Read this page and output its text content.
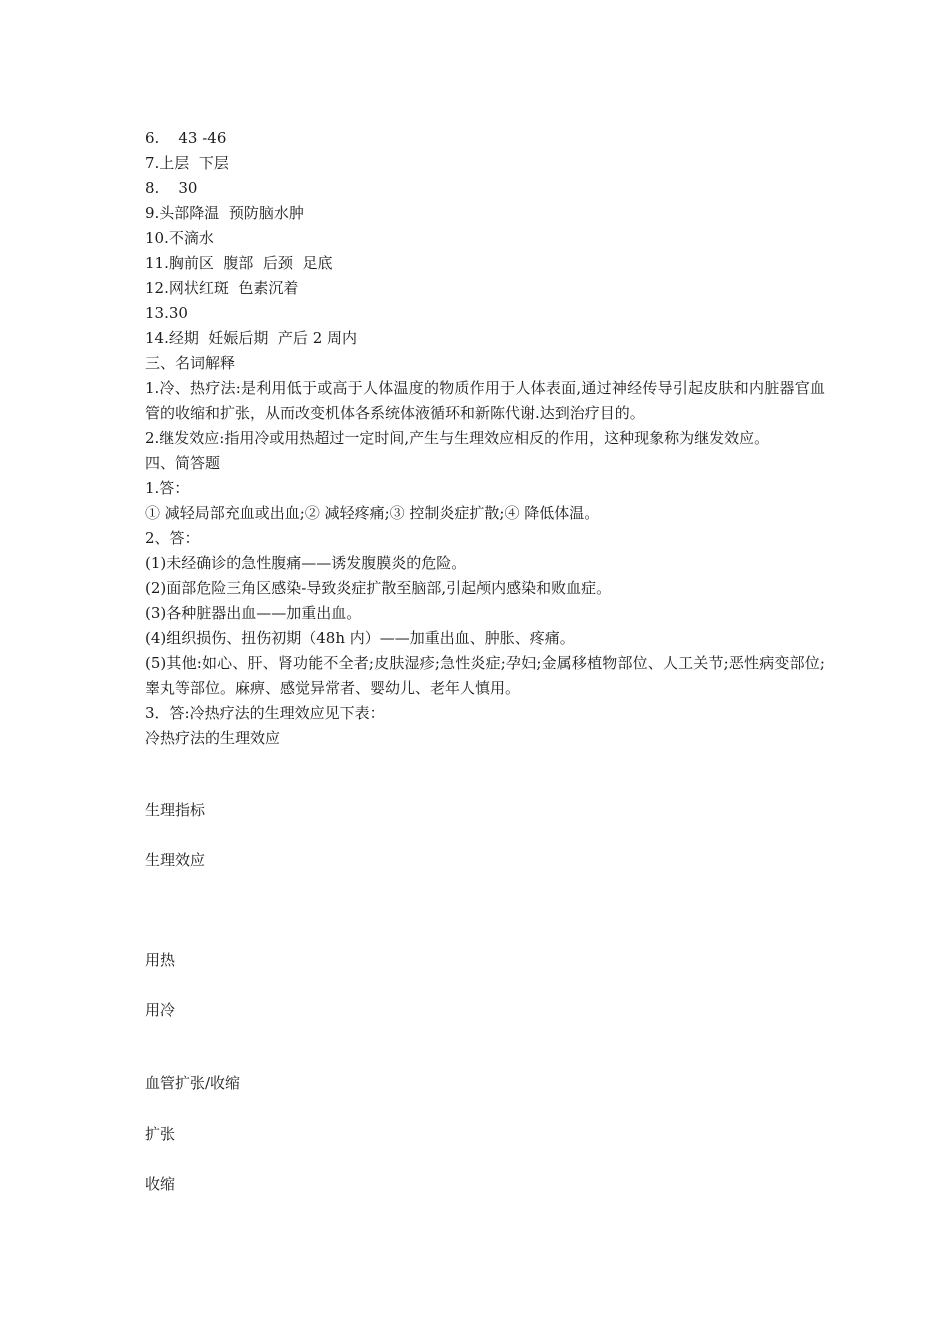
6.    43 -46

7.上层  下层

8.    30

9.头部降温  预防脑水肿

10.不滴水

11.胸前区  腹部  后颈  足底

12.网状红斑  色素沉着

13.30

14.经期  妊娠后期  产后 2 周内

三、名词解释

1.冷、热疗法:是利用低于或高于人体温度的物质作用于人体表面,通过神经传导引起皮肤和内脏器官血管的收缩和扩张，从而改变机体各系统体液循环和新陈代谢.达到治疗目的。

2.继发效应:指用冷或用热超过一定时间,产生与生理效应相反的作用，这种现象称为继发效应。

四、简答题

1.答：

① 减轻局部充血或出血;② 减轻疼痛;③ 控制炎症扩散;④ 降低体温。

2、答：

(1)未经确诊的急性腹痛——诱发腹膜炎的危险。

(2)面部危险三角区感染-导致炎症扩散至脑部,引起颅内感染和败血症。

(3)各种脏器出血——加重出血。

(4)组织损伤、扭伤初期（48h 内）——加重出血、肿胀、疼痛。

(5)其他:如心、肝、肾功能不全者;皮肤湿疹;急性炎症;孕妇;金属移植物部位、人工关节;恶性病变部位;睾丸等部位。麻痹、感觉异常者、婴幼儿、老年人慎用。

3．答:冷热疗法的生理效应见下表：

冷热疗法的生理效应

生理指标
生理效应
用热
用冷
血管扩张/收缩
扩张
收缩
